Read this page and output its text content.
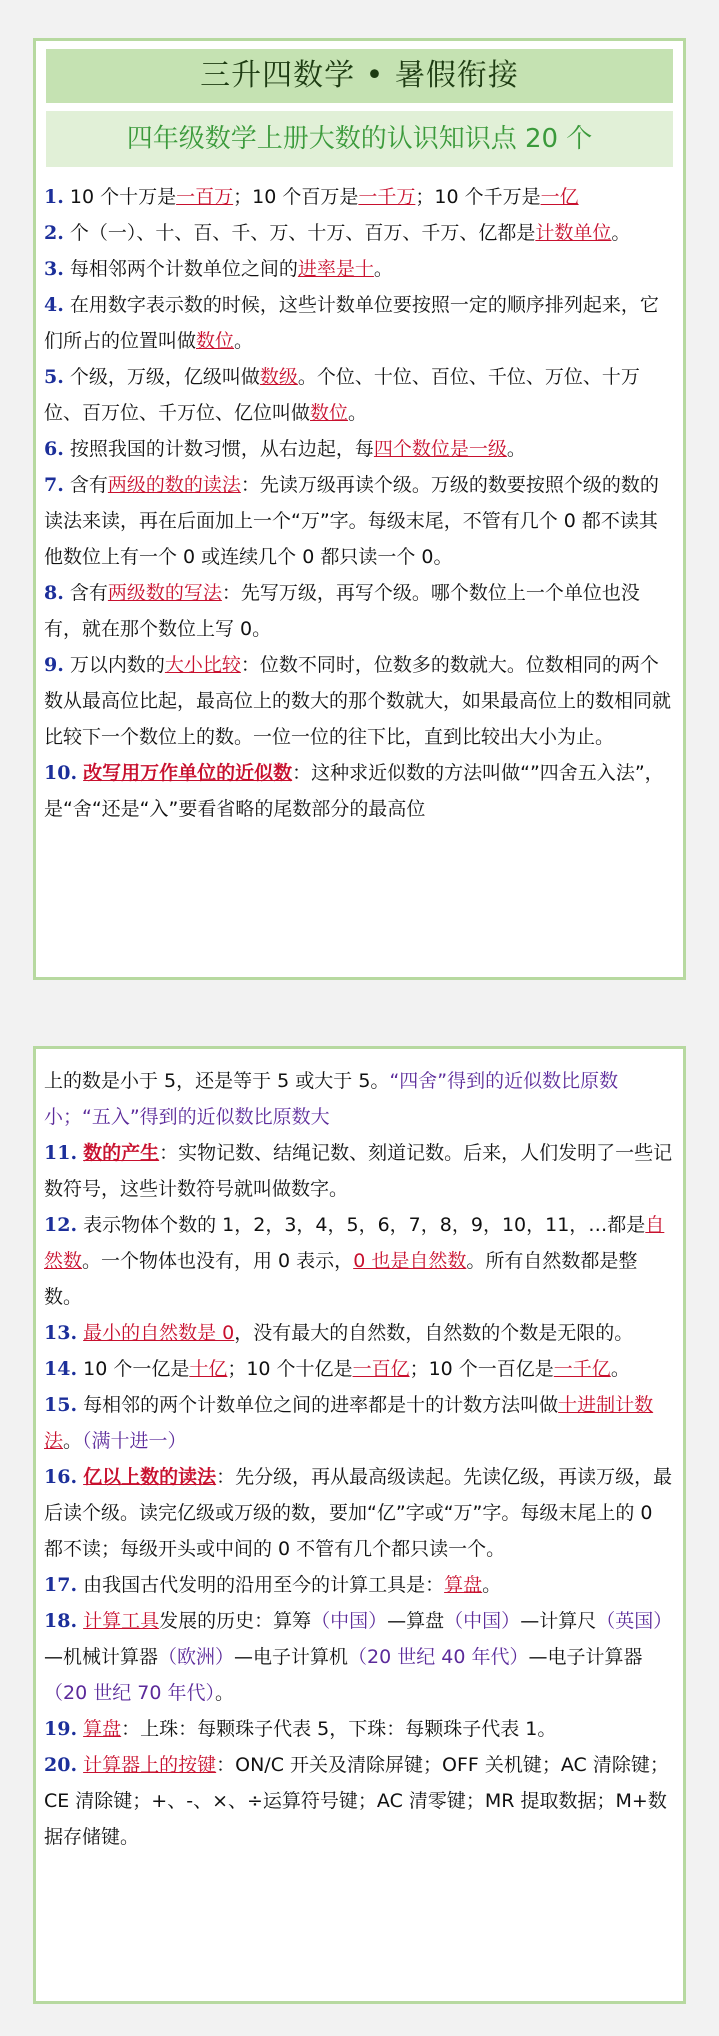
三升四数学 • 暑假衔接
四年级数学上册大数的认识知识点 20 个

1. 10 个十万是一百万；10 个百万是一千万；10 个千万是一亿

2. 个（一）、十、百、千、万、十万、百万、千万、亿都是计数单位。

3. 每相邻两个计数单位之间的进率是十。

4. 在用数字表示数的时候，这些计数单位要按照一定的顺序排列起来，它们所占的位置叫做数位。

5. 个级，万级，亿级叫做数级。个位、十位、百位、千位、万位、十万位、百万位、千万位、亿位叫做数位。

6. 按照我国的计数习惯，从右边起，每四个数位是一级。

7. 含有两级的数的读法：先读万级再读个级。万级的数要按照个级的数的读法来读，再在后面加上一个“万”字。每级末尾，不管有几个 0 都不读其他数位上有一个 0 或连续几个 0 都只读一个 0。

8. 含有两级数的写法：先写万级，再写个级。哪个数位上一个单位也没有，就在那个数位上写 0。

9. 万以内数的大小比较：位数不同时，位数多的数就大。位数相同的两个数从最高位比起，最高位上的数大的那个数就大，如果最高位上的数相同就比较下一个数位上的数。一位一位的往下比，直到比较出大小为止。

10. 改写用万作单位的近似数：这种求近似数的方法叫做“”四舍五入法”，是“舍“还是“入”要看省略的尾数部分的最高位

上的数是小于 5，还是等于 5 或大于 5。“四舍”得到的近似数比原数小；“五入”得到的近似数比原数大

11. 数的产生：实物记数、结绳记数、刻道记数。后来，人们发明了一些记数符号，这些计数符号就叫做数字。

12. 表示物体个数的 1，2，3，4，5，6，7，8，9，10，11，…都是自然数。一个物体也没有，用 0 表示，0 也是自然数。所有自然数都是整数。

13. 最小的自然数是 0，没有最大的自然数，自然数的个数是无限的。

14. 10 个一亿是十亿；10 个十亿是一百亿；10 个一百亿是一千亿。

15. 每相邻的两个计数单位之间的进率都是十的计数方法叫做十进制计数法。（满十进一）

16. 亿以上数的读法：先分级，再从最高级读起。先读亿级，再读万级，最后读个级。读完亿级或万级的数，要加“亿”字或“万”字。每级末尾上的 0 都不读；每级开头或中间的 0 不管有几个都只读一个。

17. 由我国古代发明的沿用至今的计算工具是：算盘。

18. 计算工具发展的历史：算筹（中国）—算盘（中国）—计算尺（英国）—机械计算器（欧洲）—电子计算机（20 世纪 40 年代）—电子计算器（20 世纪 70 年代）。

19. 算盘：上珠：每颗珠子代表 5，下珠：每颗珠子代表 1。

20. 计算器上的按键：ON/C 开关及清除屏键；OFF 关机键；AC 清除键；CE 清除键；+、-、×、÷运算符号键；AC 清零键；MR 提取数据；M+数据存储键。
